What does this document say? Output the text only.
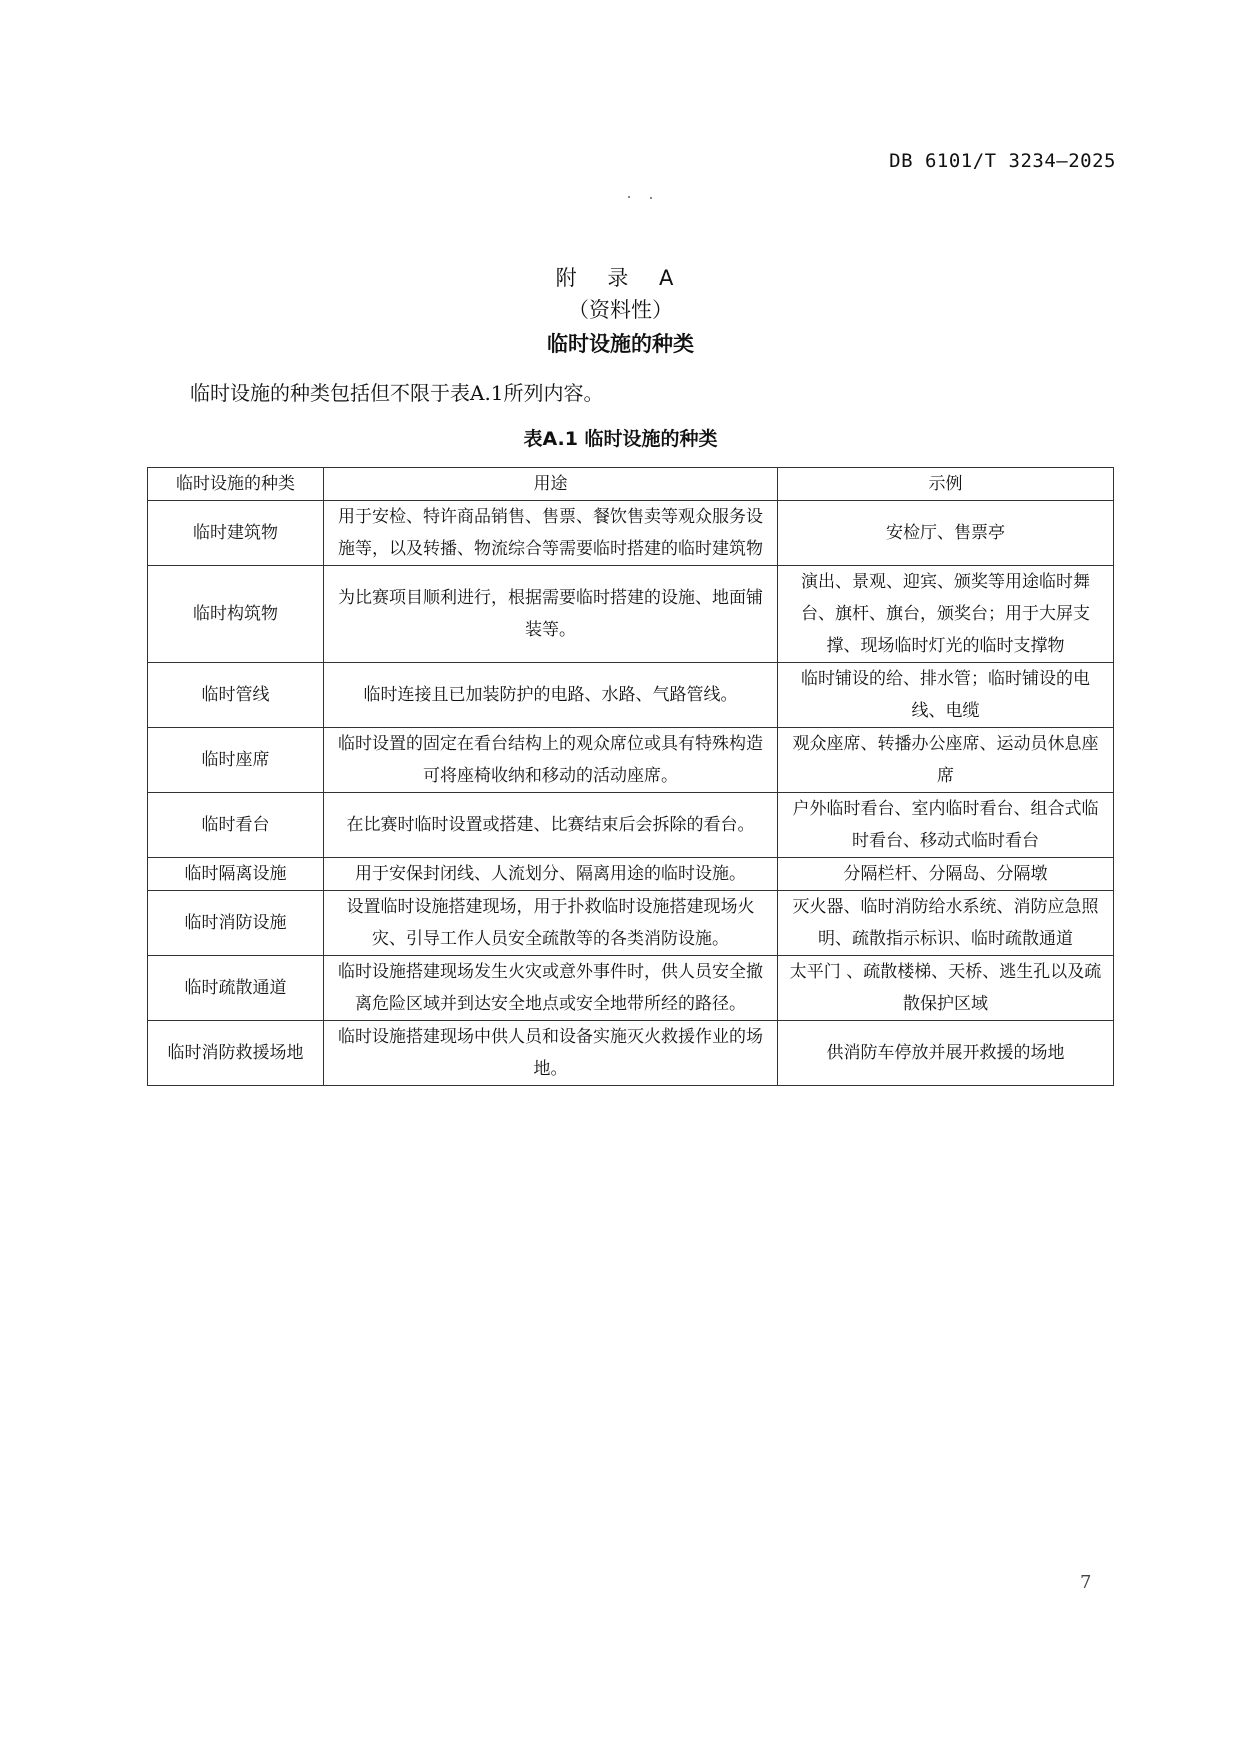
DB 6101/T 3234—2025
附 录 A
（资料性）
临时设施的种类
临时设施的种类包括但不限于表A.1所列内容。
表A.1 临时设施的种类
临时设施的种类	用途	示例
临时建筑物	用于安检、特许商品销售、售票、餐饮售卖等观众服务设施等，以及转播、物流综合等需要临时搭建的临时建筑物	安检厅、售票亭
临时构筑物	为比赛项目顺利进行，根据需要临时搭建的设施、地面铺装等。	演出、景观、迎宾、颁奖等用途临时舞台、旗杆、旗台，颁奖台；用于大屏支撑、现场临时灯光的临时支撑物
临时管线	临时连接且已加装防护的电路、水路、气路管线。	临时铺设的给、排水管；临时铺设的电线、电缆
临时座席	临时设置的固定在看台结构上的观众席位或具有特殊构造可将座椅收纳和移动的活动座席。	观众座席、转播办公座席、运动员休息座席
临时看台	在比赛时临时设置或搭建、比赛结束后会拆除的看台。	户外临时看台、室内临时看台、组合式临时看台、移动式临时看台
临时隔离设施	用于安保封闭线、人流划分、隔离用途的临时设施。	分隔栏杆、分隔岛、分隔墩
临时消防设施	设置临时设施搭建现场，用于扑救临时设施搭建现场火灾、引导工作人员安全疏散等的各类消防设施。	灭火器、临时消防给水系统、消防应急照明、疏散指示标识、临时疏散通道
临时疏散通道	临时设施搭建现场发生火灾或意外事件时，供人员安全撤离危险区域并到达安全地点或安全地带所经的路径。	太平门 、疏散楼梯、天桥、逃生孔以及疏散保护区域
临时消防救援场地	临时设施搭建现场中供人员和设备实施灭火救援作业的场地。	供消防车停放并展开救援的场地
7
